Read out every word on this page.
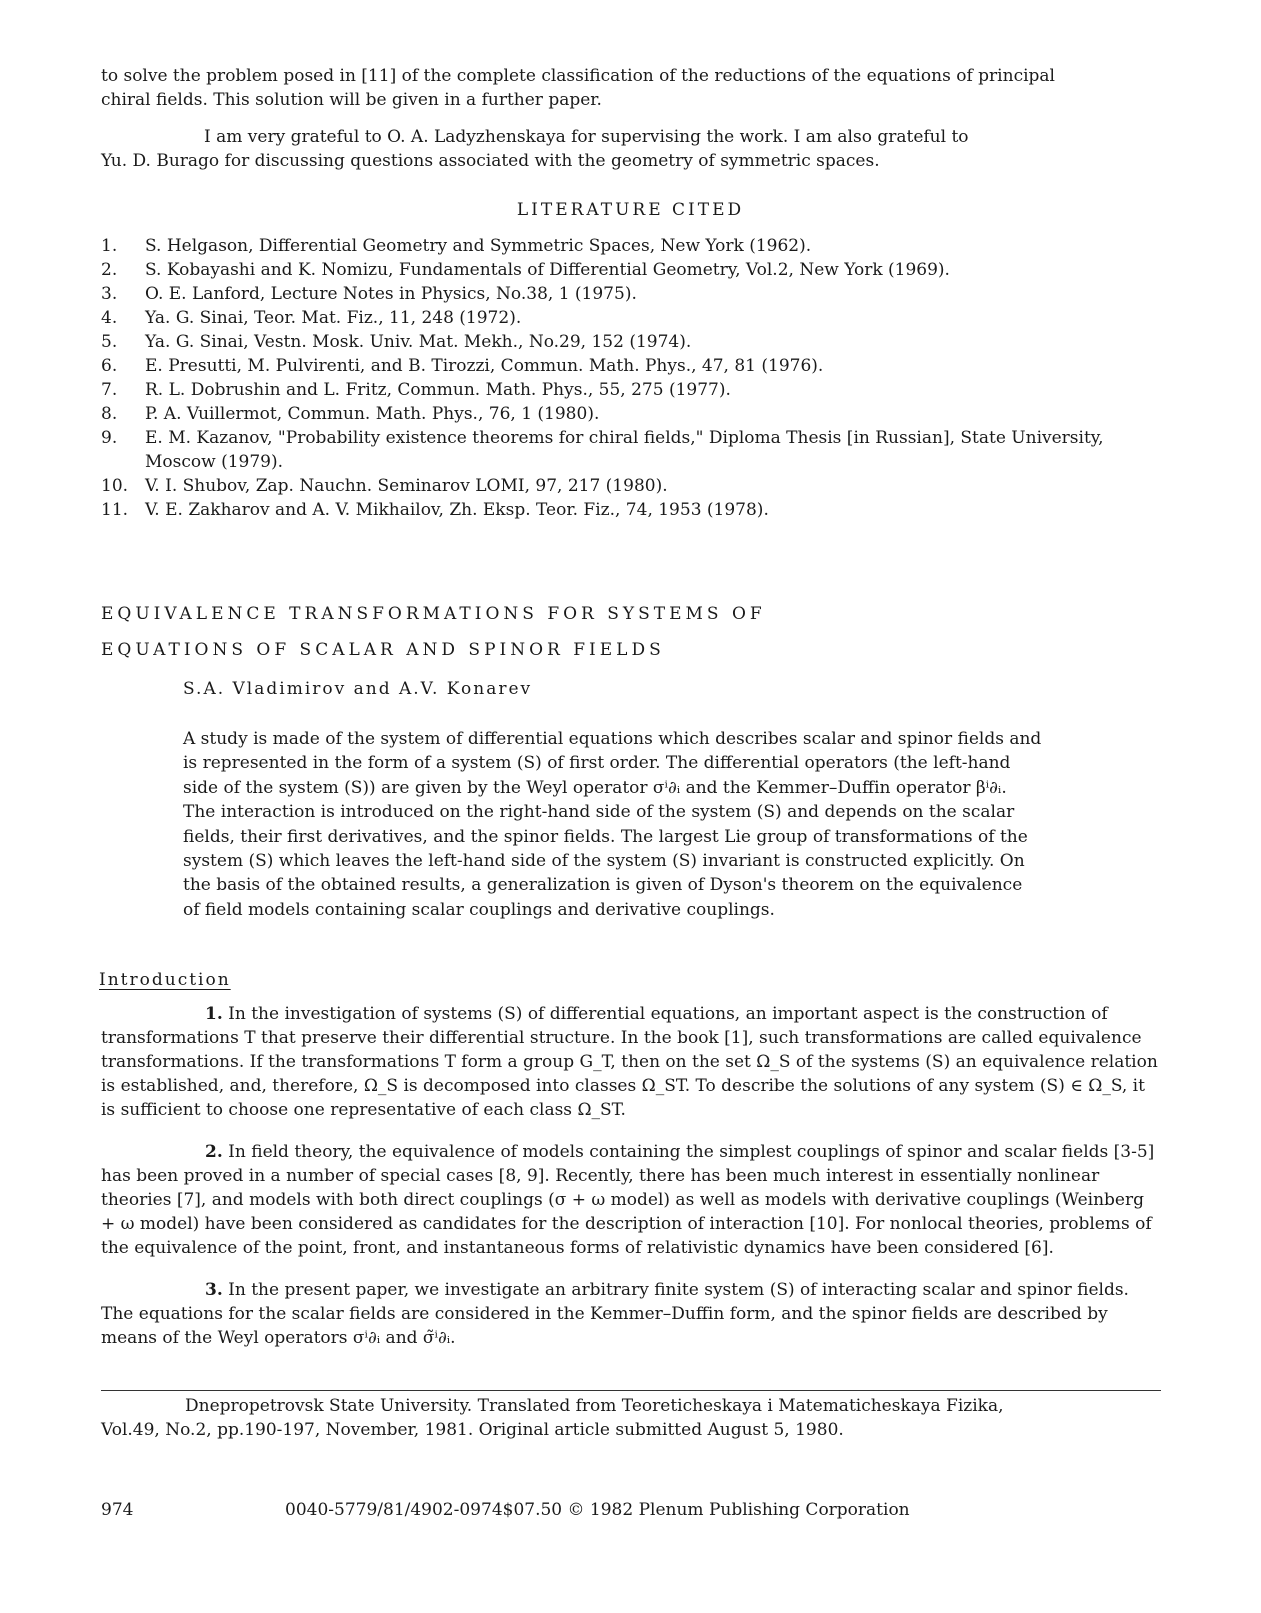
to solve the problem posed in [11] of the complete classification of the reductions of the equations of principal
chiral fields. This solution will be given in a further paper.
I am very grateful to O. A. Ladyzhenskaya for supervising the work. I am also grateful to
Yu. D. Burago for discussing questions associated with the geometry of symmetric spaces.
LITERATURE CITED
1.	S. Helgason, Differential Geometry and Symmetric Spaces, New York (1962).
2.	S. Kobayashi and K. Nomizu, Fundamentals of Differential Geometry, Vol.2, New York (1969).
3.	O. E. Lanford, Lecture Notes in Physics, No.38, 1 (1975).
4.	Ya. G. Sinai, Teor. Mat. Fiz., 11, 248 (1972).
5.	Ya. G. Sinai, Vestn. Mosk. Univ. Mat. Mekh., No.29, 152 (1974).
6.	E. Presutti, M. Pulvirenti, and B. Tirozzi, Commun. Math. Phys., 47, 81 (1976).
7.	R. L. Dobrushin and L. Fritz, Commun. Math. Phys., 55, 275 (1977).
8.	P. A. Vuillermot, Commun. Math. Phys., 76, 1 (1980).
9.	E. M. Kazanov, "Probability existence theorems for chiral fields," Diploma Thesis [in Russian], State University, Moscow (1979).
10. V. I. Shubov, Zap. Nauchn. Seminarov LOMI, 97, 217 (1980).
11. V. E. Zakharov and A. V. Mikhailov, Zh. Eksp. Teor. Fiz., 74, 1953 (1978).
EQUIVALENCE TRANSFORMATIONS FOR SYSTEMS OF
EQUATIONS OF SCALAR AND SPINOR FIELDS
S.A. Vladimirov and A.V. Konarev
A study is made of the system of differential equations which describes scalar and spinor fields and is represented in the form of a system (S) of first order. The differential operators (the left-hand side of the system (S)) are given by the Weyl operator σⁱ∂ᵢ and the Kemmer–Duffin operator βⁱ∂ᵢ. The interaction is introduced on the right-hand side of the system (S) and depends on the scalar fields, their first derivatives, and the spinor fields. The largest Lie group of transformations of the system (S) which leaves the left-hand side of the system (S) invariant is constructed explicitly. On the basis of the obtained results, a generalization is given of Dyson's theorem on the equivalence of field models containing scalar couplings and derivative couplings.
Introduction

1. In the investigation of systems (S) of differential equations, an important aspect is the construction of transformations T that preserve their differential structure. In the book [1], such transformations are called equivalence transformations. If the transformations T form a group G_T, then on the set Ω_S of the systems (S) an equivalence relation is established, and, therefore, Ω_S is decomposed into classes Ω_ST. To describe the solutions of any system (S) ∈ Ω_S, it is sufficient to choose one representative of each class Ω_ST.

2. In field theory, the equivalence of models containing the simplest couplings of spinor and scalar fields [3-5] has been proved in a number of special cases [8, 9]. Recently, there has been much interest in essentially nonlinear theories [7], and models with both direct couplings (σ + ω model) as well as models with derivative couplings (Weinberg + ω model) have been considered as candidates for the description of interaction [10]. For nonlocal theories, problems of the equivalence of the point, front, and instantaneous forms of relativistic dynamics have been considered [6].

3. In the present paper, we investigate an arbitrary finite system (S) of interacting scalar and spinor fields. The equations for the scalar fields are considered in the Kemmer–Duffin form, and the spinor fields are described by means of the Weyl operators σⁱ∂ᵢ and σ̃ⁱ∂ᵢ.

Dnepropetrovsk State University. Translated from Teoreticheskaya i Matematicheskaya Fizika,
Vol.49, No.2, pp.190-197, November, 1981. Original article submitted August 5, 1980.
974	0040-5779/81/4902-0974$07.50 © 1982 Plenum Publishing Corporation
